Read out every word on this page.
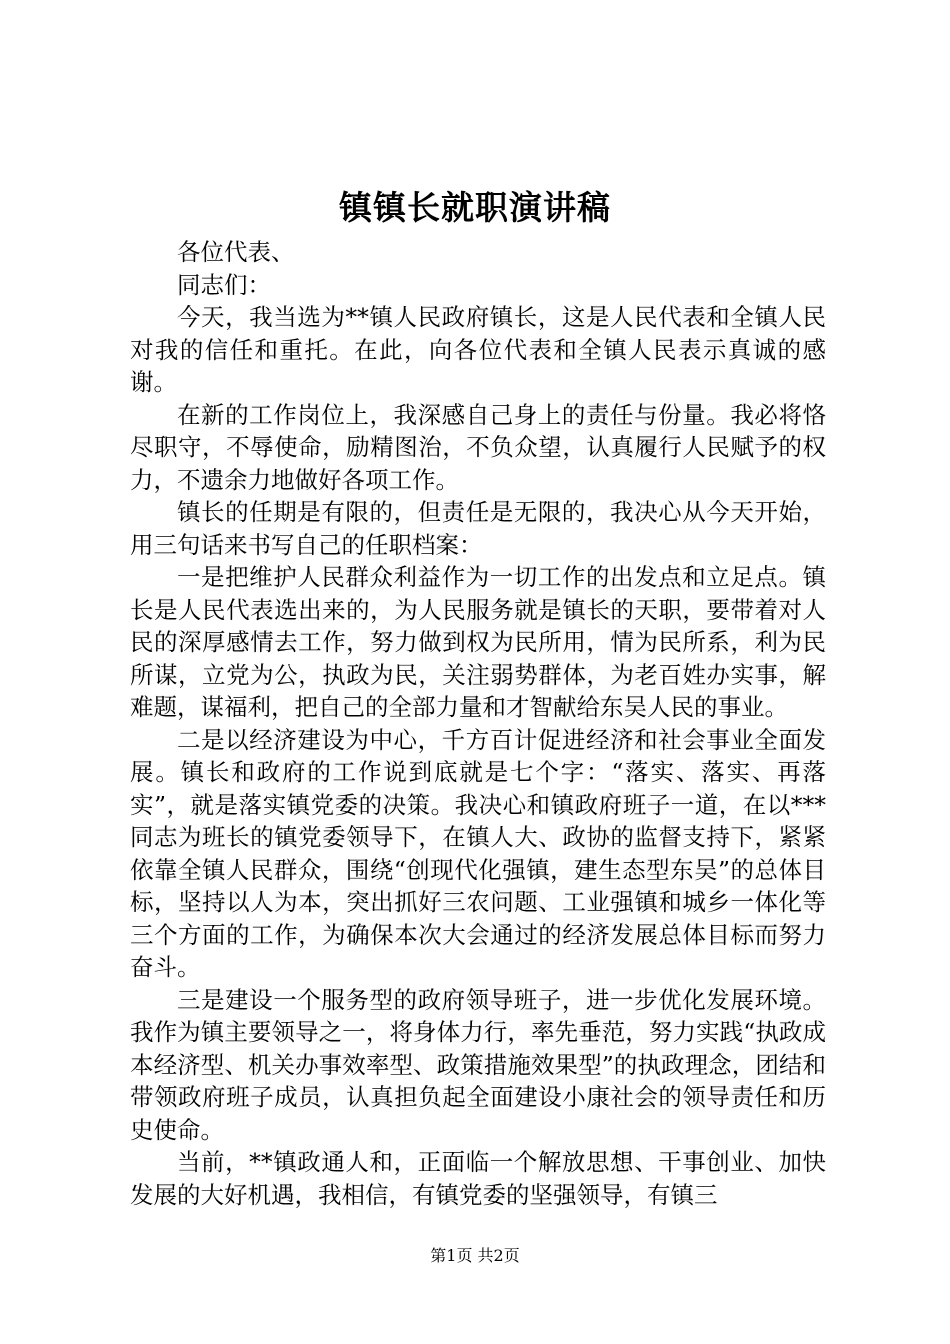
镇镇长就职演讲稿

各位代表、

同志们：

今天，我当选为**镇人民政府镇长，这是人民代表和全镇人民对我的信任和重托。在此，向各位代表和全镇人民表示真诚的感谢。

在新的工作岗位上，我深感自己身上的责任与份量。我必将恪尽职守，不辱使命，励精图治，不负众望，认真履行人民赋予的权力，不遗余力地做好各项工作。

镇长的任期是有限的，但责任是无限的，我决心从今天开始，用三句话来书写自己的任职档案：

一是把维护人民群众利益作为一切工作的出发点和立足点。镇长是人民代表选出来的，为人民服务就是镇长的天职，要带着对人民的深厚感情去工作，努力做到权为民所用，情为民所系，利为民所谋，立党为公，执政为民，关注弱势群体，为老百姓办实事，解难题，谋福利，把自己的全部力量和才智献给东吴人民的事业。

二是以经济建设为中心，千方百计促进经济和社会事业全面发展。镇长和政府的工作说到底就是七个字：“落实、落实、再落实”，就是落实镇党委的决策。我决心和镇政府班子一道，在以***同志为班长的镇党委领导下，在镇人大、政协的监督支持下，紧紧依靠全镇人民群众，围绕“创现代化强镇，建生态型东吴”的总体目标，坚持以人为本，突出抓好三农问题、工业强镇和城乡一体化等三个方面的工作，为确保本次大会通过的经济发展总体目标而努力奋斗。

三是建设一个服务型的政府领导班子，进一步优化发展环境。我作为镇主要领导之一，将身体力行，率先垂范，努力实践“执政成本经济型、机关办事效率型、政策措施效果型”的执政理念，团结和带领政府班子成员，认真担负起全面建设小康社会的领导责任和历史使命。

当前，**镇政通人和，正面临一个解放思想、干事创业、加快发展的大好机遇，我相信，有镇党委的坚强领导，有镇三

第1页 共2页
